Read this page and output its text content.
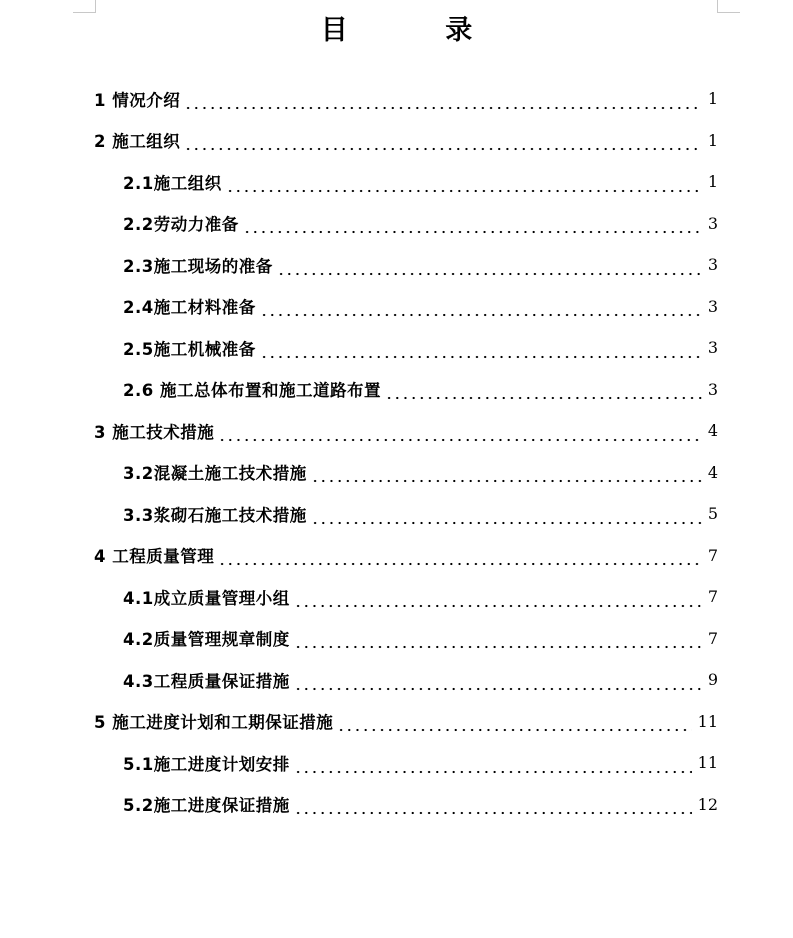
目 录
1 情况介绍	1
2 施工组织	1
2.1施工组织	1
2.2劳动力准备	3
2.3施工现场的准备	3
2.4施工材料准备	3
2.5施工机械准备	3
2.6 施工总体布置和施工道路布置	3
3 施工技术措施	4
3.2混凝土施工技术措施	4
3.3浆砌石施工技术措施	5
4 工程质量管理	7
4.1成立质量管理小组	7
4.2质量管理规章制度	7
4.3工程质量保证措施	9
5 施工进度计划和工期保证措施	11
5.1施工进度计划安排	11
5.2施工进度保证措施	12
